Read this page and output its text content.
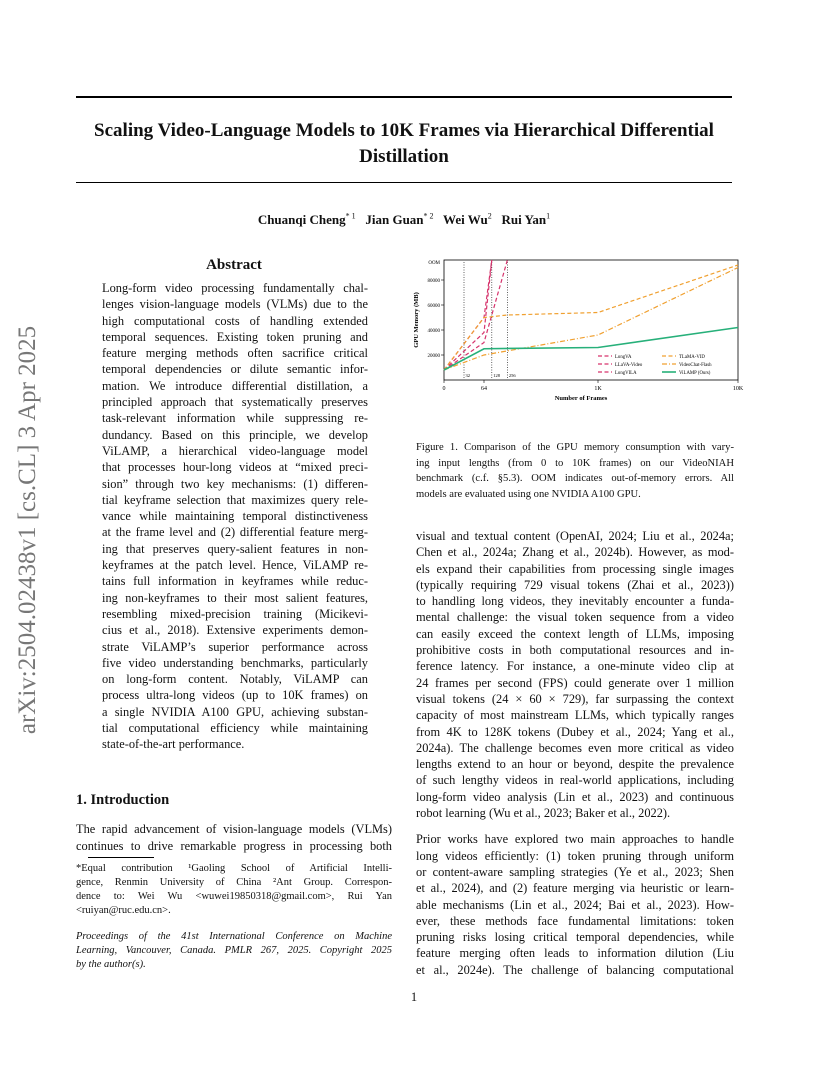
Scaling Video-Language Models to 10K Frames via Hierarchical Differential
Distillation
Chuanqi Cheng$^{* 1}$ Jian Guan$^{* 2}$ Wei Wu$^2$ Rui Yan$^1$
arXiv:2504.02438v1 [cs.CL] 3 Apr 2025
Abstract
Long-form video processing fundamentally chal-
lenges vision-language models (VLMs) due to the
high computational costs of handling extended
temporal sequences. Existing token pruning and
feature merging methods often sacrifice critical
temporal dependencies or dilute semantic infor-
mation. We introduce differential distillation, a
principled approach that systematically preserves
task-relevant information while suppressing re-
dundancy. Based on this principle, we develop
ViLAMP, a hierarchical video-language model
that processes hour-long videos at “mixed preci-
sion” through two key mechanisms: (1) differen-
tial keyframe selection that maximizes query rele-
vance while maintaining temporal distinctiveness
at the frame level and (2) differential feature merg-
ing that preserves query-salient features in non-
keyframes at the patch level. Hence, ViLAMP re-
tains full information in keyframes while reduc-
ing non-keyframes to their most salient features,
resembling mixed-precision training (Micikevi-
cius et al., 2018). Extensive experiments demon-
strate ViLAMP’s superior performance across
five video understanding benchmarks, particularly
on long-form content. Notably, ViLAMP can
process ultra-long videos (up to 10K frames) on
a single NVIDIA A100 GPU, achieving substan-
tial computational efficiency while maintaining
state-of-the-art performance.
1. Introduction
The rapid advancement of vision-language models (VLMs)
continues to drive remarkable progress in processing both
*Equal contribution ¹Gaoling School of Artificial Intelli-
gence, Renmin University of China ²Ant Group. Correspon-
dence to: Wei Wu <wuwei19850318@gmail.com>, Rui Yan
<ruiyan@ruc.edu.cn>.
Proceedings of the 41st International Conference on Machine
Learning, Vancouver, Canada. PMLR 267, 2025. Copyright 2025
by the author(s).
20000
40000
60000
80000
OOM
0	64	1K	10K
32	128 256
Number of Frames
GPU Memory (MB)
LongVA
LLaVA-Video
LongVILA
TLaMA-VID
VideoChat-Flash
ViLAMP (Ours)
Figure 1. Comparison of the GPU memory consumption with vary-
ing input lengths (from 0 to 10K frames) on our VideoNIAH
benchmark (c.f. §5.3). OOM indicates out-of-memory errors. All
models are evaluated using one NVIDIA A100 GPU.

visual and textual content (OpenAI, 2024; Liu et al., 2024a;
Chen et al., 2024a; Zhang et al., 2024b). However, as mod-
els expand their capabilities from processing single images
(typically requiring 729 visual tokens (Zhai et al., 2023))
to handling long videos, they inevitably encounter a funda-
mental challenge: the visual token sequence from a video
can easily exceed the context length of LLMs, imposing
prohibitive costs in both computational resources and in-
ference latency. For instance, a one-minute video clip at
24 frames per second (FPS) could generate over 1 million
visual tokens (24 × 60 × 729), far surpassing the context
capacity of most mainstream LLMs, which typically ranges
from 4K to 128K tokens (Dubey et al., 2024; Yang et al.,
2024a). The challenge becomes even more critical as video
lengths extend to an hour or beyond, despite the prevalence
of such lengthy videos in real-world applications, including
long-form video analysis (Lin et al., 2023) and continuous
robot learning (Wu et al., 2023; Baker et al., 2022).

Prior works have explored two main approaches to handle
long videos efficiently: (1) token pruning through uniform
or content-aware sampling strategies (Ye et al., 2023; Shen
et al., 2024), and (2) feature merging via heuristic or learn-
able mechanisms (Lin et al., 2024; Bai et al., 2023). How-
ever, these methods face fundamental limitations: token
pruning risks losing critical temporal dependencies, while
feature merging often leads to information dilution (Liu
et al., 2024e). The challenge of balancing computational

1
